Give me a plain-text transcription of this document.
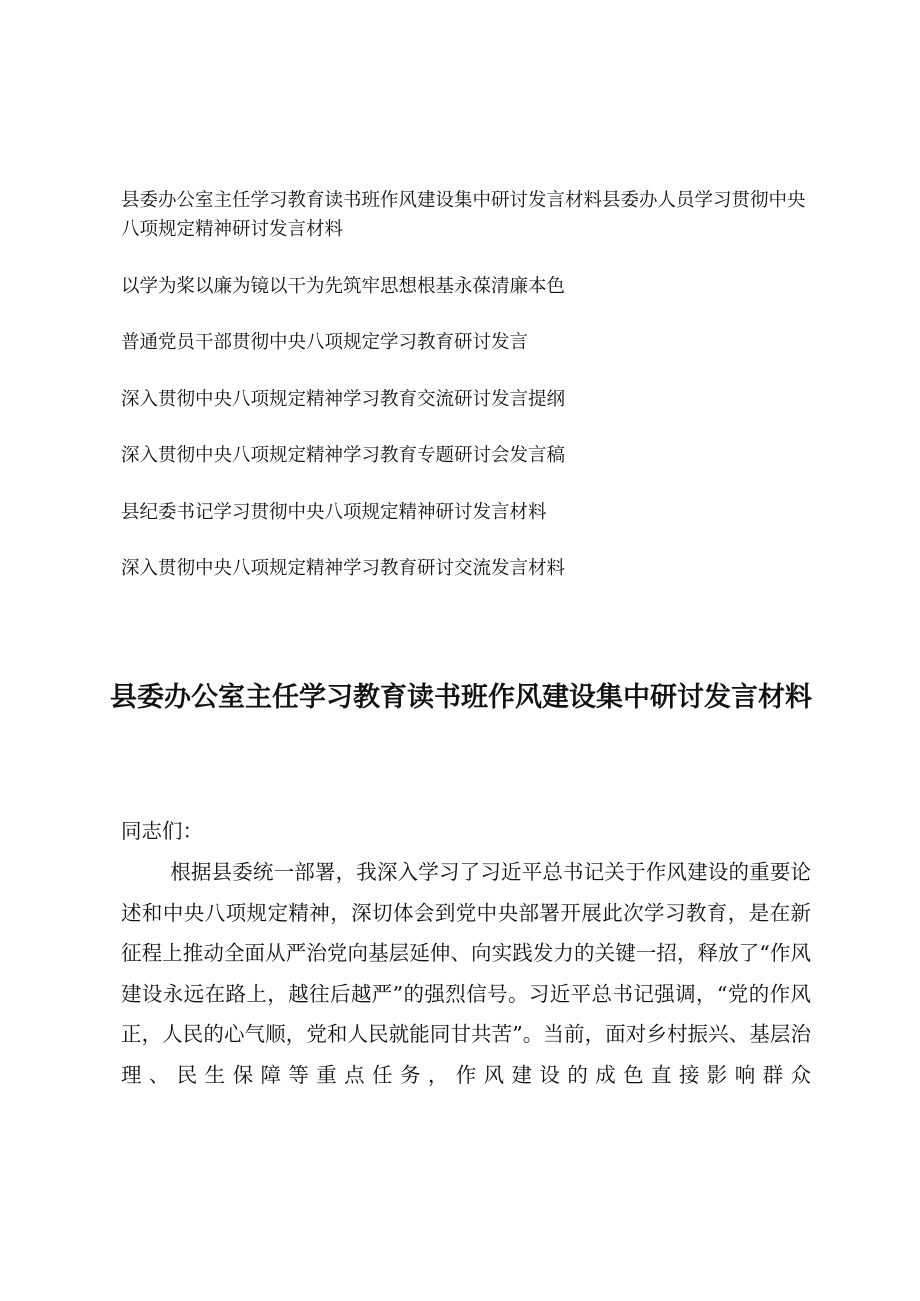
县委办公室主任学习教育读书班作风建设集中研讨发言材料县委办人员学习贯彻中央八项规定精神研讨发言材料

以学为桨以廉为镜以干为先筑牢思想根基永葆清廉本色

普通党员干部贯彻中央八项规定学习教育研讨发言

深入贯彻中央八项规定精神学习教育交流研讨发言提纲

深入贯彻中央八项规定精神学习教育专题研讨会发言稿

县纪委书记学习贯彻中央八项规定精神研讨发言材料

深入贯彻中央八项规定精神学习教育研讨交流发言材料

县委办公室主任学习教育读书班作风建设集中研讨发言材料

同志们：

根据县委统一部署，我深入学习了习近平总书记关于作风建设的重要论述和中央八项规定精神，深切体会到党中央部署开展此次学习教育，是在新征程上推动全面从严治党向基层延伸、向实践发力的关键一招，释放了“作风建设永远在路上，越往后越严”的强烈信号。习近平总书记强调，“党的作风正，人民的心气顺，党和人民就能同甘共苦”。当前，面对乡村振兴、基层治理、民生保障等重点任务，作风建设的成色直接影响群众
